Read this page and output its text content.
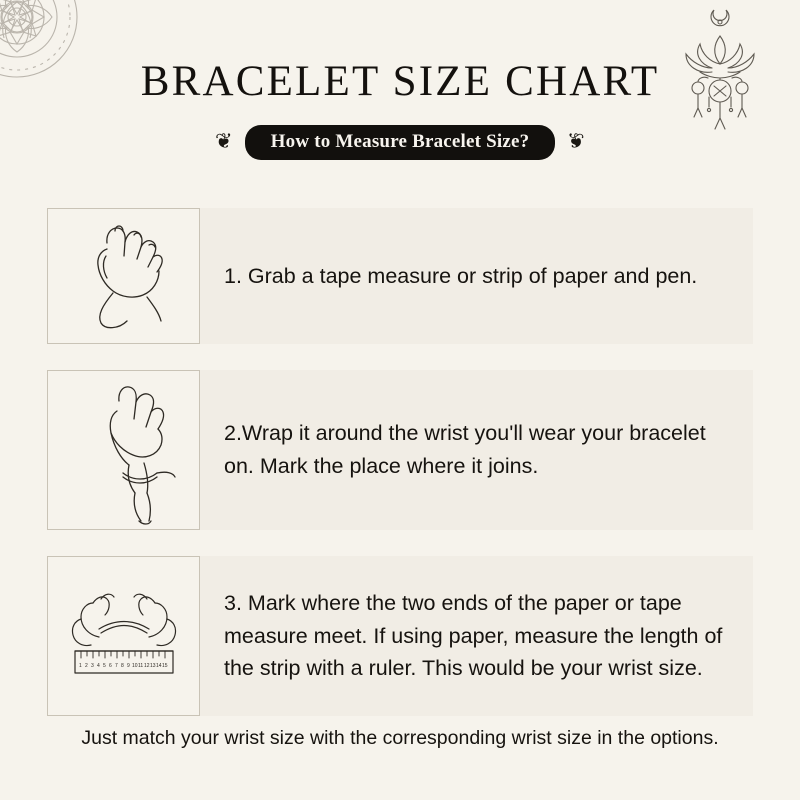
BRACELET SIZE CHART
❦	How to Measure Bracelet Size?	❦
1. Grab a tape measure or strip of paper and pen.
2.Wrap it around the wrist you'll wear your bracelet on. Mark the place where it joins.
1 2 3 4 5 6 7 8 9 10 11 12 13 14 15
3. Mark where the two ends of the paper or tape measure meet. If using paper, measure the length of the strip with a ruler. This would be your wrist size.
Just match your wrist size with the corresponding wrist size in the options.
